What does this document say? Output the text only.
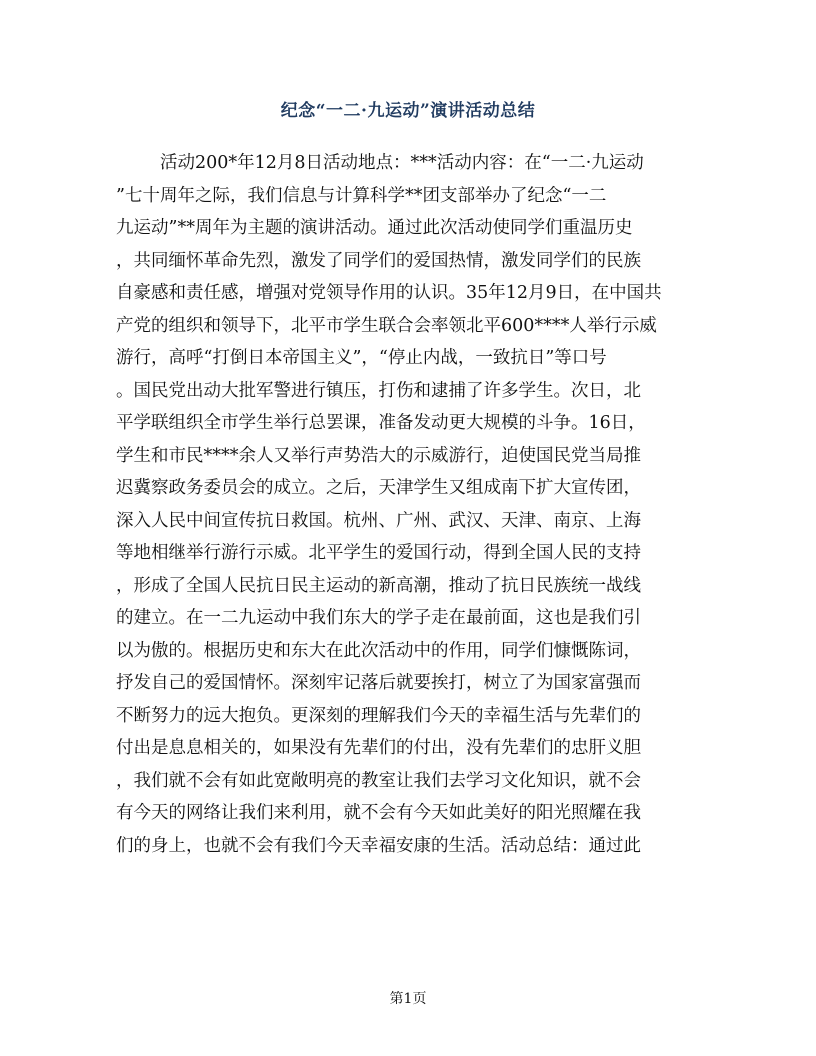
纪念“一二·九运动”演讲活动总结
活动200*年12月8日活动地点：***活动内容：在“一二·九运动
”七十周年之际，我们信息与计算科学**团支部举办了纪念“一二
九运动”**周年为主题的演讲活动。通过此次活动使同学们重温历史
，共同缅怀革命先烈，激发了同学们的爱国热情，激发同学们的民族
自豪感和责任感，增强对党领导作用的认识。35年12月9日，在中国共
产党的组织和领导下，北平市学生联合会率领北平600****人举行示威
游行，高呼“打倒日本帝国主义”，“停止内战，一致抗日”等口号
。国民党出动大批军警进行镇压，打伤和逮捕了许多学生。次日，北
平学联组织全市学生举行总罢课，准备发动更大规模的斗争。16日，
学生和市民****余人又举行声势浩大的示威游行，迫使国民党当局推
迟冀察政务委员会的成立。之后，天津学生又组成南下扩大宣传团，
深入人民中间宣传抗日救国。杭州、广州、武汉、天津、南京、上海
等地相继举行游行示威。北平学生的爱国行动，得到全国人民的支持
，形成了全国人民抗日民主运动的新高潮，推动了抗日民族统一战线
的建立。在一二九运动中我们东大的学子走在最前面，这也是我们引
以为傲的。根据历史和东大在此次活动中的作用，同学们慷慨陈词，
抒发自己的爱国情怀。深刻牢记落后就要挨打，树立了为国家富强而
不断努力的远大抱负。更深刻的理解我们今天的幸福生活与先辈们的
付出是息息相关的，如果没有先辈们的付出，没有先辈们的忠肝义胆
，我们就不会有如此宽敞明亮的教室让我们去学习文化知识，就不会
有今天的网络让我们来利用，就不会有今天如此美好的阳光照耀在我
们的身上，也就不会有我们今天幸福安康的生活。活动总结：通过此
第1页
